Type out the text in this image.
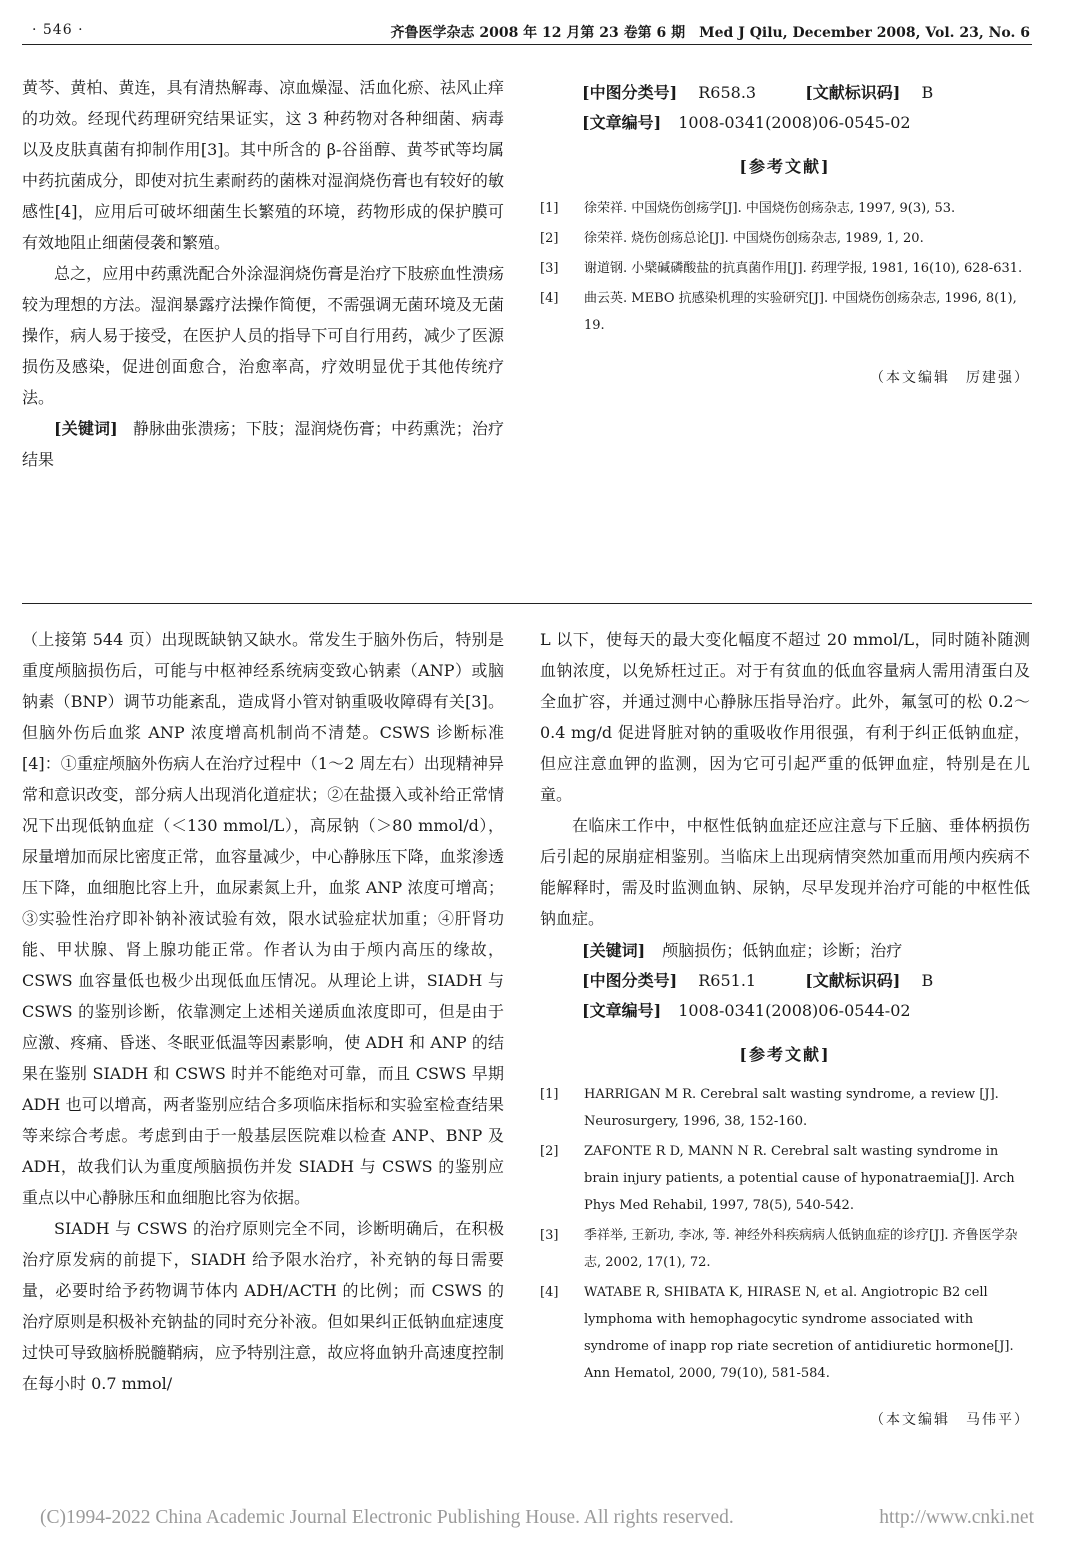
· 546 ·	齐鲁医学杂志 2008 年 12 月第 23 卷第 6 期　Med J Qilu, December 2008, Vol. 23, No. 6

黄芩、黄柏、黄连，具有清热解毒、凉血燥湿、活血化瘀、祛风止痒的功效。经现代药理研究结果证实，这 3 种药物对各种细菌、病毒以及皮肤真菌有抑制作用[3]。其中所含的 β-谷甾醇、黄芩甙等均属中药抗菌成分，即使对抗生素耐药的菌株对湿润烧伤膏也有较好的敏感性[4]，应用后可破坏细菌生长繁殖的环境，药物形成的保护膜可有效地阻止细菌侵袭和繁殖。

总之，应用中药熏洗配合外涂湿润烧伤膏是治疗下肢瘀血性溃疡较为理想的方法。湿润暴露疗法操作简便，不需强调无菌环境及无菌操作，病人易于接受，在医护人员的指导下可自行用药，减少了医源损伤及感染，促进创面愈合，治愈率高，疗效明显优于其他传统疗法。

[关键词] 静脉曲张溃疡；下肢；湿润烧伤膏；中药熏洗；治疗结果

[中图分类号] R658.3	[文献标识码] B
[文章编号] 1008-0341(2008)06-0545-02
[参考文献]
[1] 徐荣祥. 中国烧伤创疡学[J]. 中国烧伤创疡杂志, 1997, 9(3), 53.
[2] 徐荣祥. 烧伤创疡总论[J]. 中国烧伤创疡杂志, 1989, 1, 20.
[3] 谢道钢. 小檗碱磷酸盐的抗真菌作用[J]. 药理学报, 1981, 16(10), 628-631.
[4] 曲云英. MEBO 抗感染机理的实验研究[J]. 中国烧伤创疡杂志, 1996, 8(1), 19.
（本文编辑　厉建强）

（上接第 544 页）出现既缺钠又缺水。常发生于脑外伤后，特别是重度颅脑损伤后，可能与中枢神经系统病变致心钠素（ANP）或脑钠素（BNP）调节功能紊乱，造成肾小管对钠重吸收障碍有关[3]。但脑外伤后血浆 ANP 浓度增高机制尚不清楚。CSWS 诊断标准[4]：①重症颅脑外伤病人在治疗过程中（1～2 周左右）出现精神异常和意识改变，部分病人出现消化道症状；②在盐摄入或补给正常情况下出现低钠血症（＜130 mmol/L），高尿钠（＞80 mmol/d），尿量增加而尿比密度正常，血容量减少，中心静脉压下降，血浆渗透压下降，血细胞比容上升，血尿素氮上升，血浆 ANP 浓度可增高；③实验性治疗即补钠补液试验有效，限水试验症状加重；④肝肾功能、甲状腺、肾上腺功能正常。作者认为由于颅内高压的缘故，CSWS 血容量低也极少出现低血压情况。从理论上讲，SIADH 与 CSWS 的鉴别诊断，依靠测定上述相关递质血浓度即可，但是由于应激、疼痛、昏迷、冬眠亚低温等因素影响，使 ADH 和 ANP 的结果在鉴别 SIADH 和 CSWS 时并不能绝对可靠，而且 CSWS 早期 ADH 也可以增高，两者鉴别应结合多项临床指标和实验室检查结果等来综合考虑。考虑到由于一般基层医院难以检查 ANP、BNP 及 ADH，故我们认为重度颅脑损伤并发 SIADH 与 CSWS 的鉴别应重点以中心静脉压和血细胞比容为依据。

SIADH 与 CSWS 的治疗原则完全不同，诊断明确后，在积极治疗原发病的前提下，SIADH 给予限水治疗，补充钠的每日需要量，必要时给予药物调节体内 ADH/ACTH 的比例；而 CSWS 的治疗原则是积极补充钠盐的同时充分补液。但如果纠正低钠血症速度过快可导致脑桥脱髓鞘病，应予特别注意，故应将血钠升高速度控制在每小时 0.7 mmol/

L 以下，使每天的最大变化幅度不超过 20 mmol/L，同时随补随测血钠浓度，以免矫枉过正。对于有贫血的低血容量病人需用清蛋白及全血扩容，并通过测中心静脉压指导治疗。此外，氟氢可的松 0.2～0.4 mg/d 促进肾脏对钠的重吸收作用很强，有利于纠正低钠血症，但应注意血钾的监测，因为它可引起严重的低钾血症，特别是在儿童。

在临床工作中，中枢性低钠血症还应注意与下丘脑、垂体柄损伤后引起的尿崩症相鉴别。当临床上出现病情突然加重而用颅内疾病不能解释时，需及时监测血钠、尿钠，尽早发现并治疗可能的中枢性低钠血症。

[关键词] 颅脑损伤；低钠血症；诊断；治疗
[中图分类号] R651.1	[文献标识码] B
[文章编号] 1008-0341(2008)06-0544-02
[参考文献]
[1] HARRIGAN M R. Cerebral salt wasting syndrome, a review [J]. Neurosurgery, 1996, 38, 152-160.
[2] ZAFONTE R D, MANN N R. Cerebral salt wasting syndrome in brain injury patients, a potential cause of hyponatraemia[J]. Arch Phys Med Rehabil, 1997, 78(5), 540-542.
[3] 季祥举, 王新功, 李冰, 等. 神经外科疾病病人低钠血症的诊疗[J]. 齐鲁医学杂志, 2002, 17(1), 72.
[4] WATABE R, SHIBATA K, HIRASE N, et al. Angiotropic B2 cell lymphoma with hemophagocytic syndrome associated with syndrome of inapp rop riate secretion of antidiuretic hormone[J]. Ann Hematol, 2000, 79(10), 581-584.
（本文编辑　马伟平）
(C)1994-2022 China Academic Journal Electronic Publishing House. All rights reserved.	http://www.cnki.net
